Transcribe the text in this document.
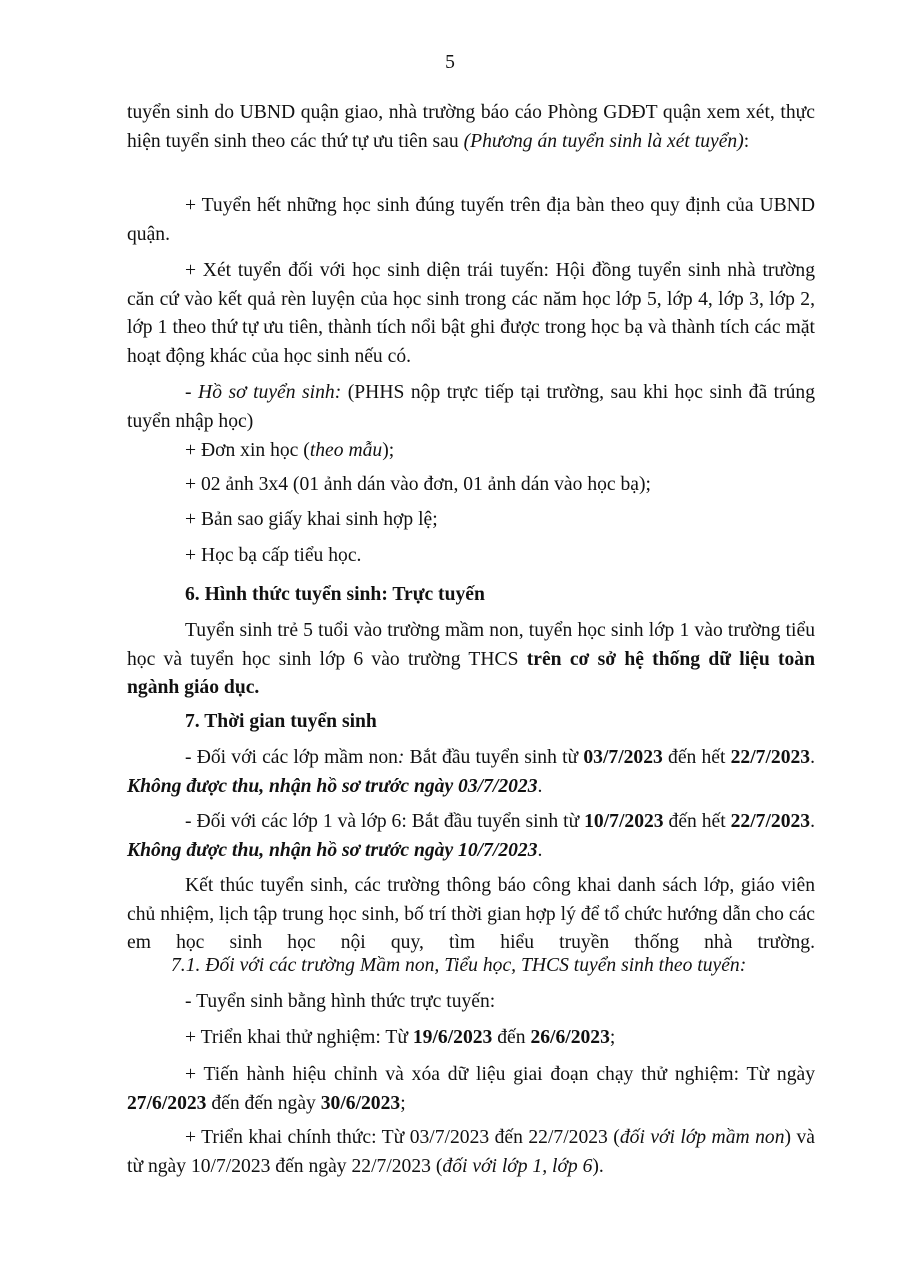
5

tuyển sinh do UBND quận giao, nhà trường báo cáo Phòng GDĐT quận xem xét, thực hiện tuyển sinh theo các thứ tự ưu tiên sau (Phương án tuyển sinh là xét tuyển):

+ Tuyển hết những học sinh đúng tuyến trên địa bàn theo quy định của UBND quận.

+ Xét tuyển đối với học sinh diện trái tuyến: Hội đồng tuyển sinh nhà trường căn cứ vào kết quả rèn luyện của học sinh trong các năm học lớp 5, lớp 4, lớp 3, lớp 2, lớp 1 theo thứ tự ưu tiên, thành tích nổi bật ghi được trong học bạ và thành tích các mặt hoạt động khác của học sinh nếu có.

- Hồ sơ tuyển sinh: (PHHS nộp trực tiếp tại trường, sau khi học sinh đã trúng tuyển nhập học)

+ Đơn xin học (theo mẫu);

+ 02 ảnh 3x4 (01 ảnh dán vào đơn, 01 ảnh dán vào học bạ);

+ Bản sao giấy khai sinh hợp lệ;

+ Học bạ cấp tiểu học.

6. Hình thức tuyển sinh: Trực tuyến

Tuyển sinh trẻ 5 tuổi vào trường mầm non, tuyển học sinh lớp 1 vào trường tiểu học và tuyển học sinh lớp 6 vào trường THCS trên cơ sở hệ thống dữ liệu toàn ngành giáo dục.

7. Thời gian tuyển sinh

- Đối với các lớp mầm non: Bắt đầu tuyển sinh từ 03/7/2023 đến hết 22/7/2023. Không được thu, nhận hồ sơ trước ngày 03/7/2023.

- Đối với các lớp 1 và lớp 6: Bắt đầu tuyển sinh từ 10/7/2023 đến hết 22/7/2023. Không được thu, nhận hồ sơ trước ngày 10/7/2023.

Kết thúc tuyển sinh, các trường thông báo công khai danh sách lớp, giáo viên chủ nhiệm, lịch tập trung học sinh, bố trí thời gian hợp lý để tổ chức hướng dẫn cho các em học sinh học nội quy, tìm hiểu truyền thống nhà trường.

7.1. Đối với các trường Mầm non, Tiểu học, THCS tuyển sinh theo tuyến:

- Tuyển sinh bằng hình thức trực tuyến:

+ Triển khai thử nghiệm: Từ 19/6/2023 đến 26/6/2023;

+ Tiến hành hiệu chỉnh và xóa dữ liệu giai đoạn chạy thử nghiệm: Từ ngày 27/6/2023 đến đến ngày 30/6/2023;

+ Triển khai chính thức: Từ 03/7/2023 đến 22/7/2023 (đối với lớp mầm non) và từ ngày 10/7/2023 đến ngày 22/7/2023 (đối với lớp 1, lớp 6).
